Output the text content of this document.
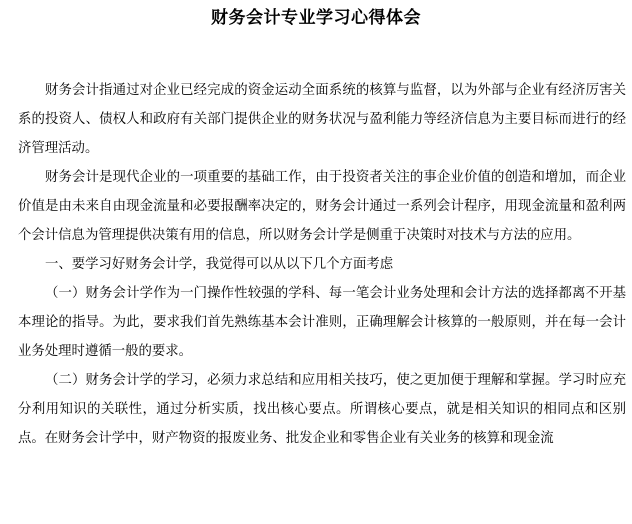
财务会计专业学习心得体会

财务会计指通过对企业已经完成的资金运动全面系统的核算与监督，以为外部与企业有经济厉害关系的投资人、债权人和政府有关部门提供企业的财务状况与盈利能力等经济信息为主要目标而进行的经济管理活动。

财务会计是现代企业的一项重要的基础工作，由于投资者关注的事企业价值的创造和增加，而企业价值是由未来自由现金流量和必要报酬率决定的，财务会计通过一系列会计程序，用现金流量和盈利两个会计信息为管理提供决策有用的信息，所以财务会计学是侧重于决策时对技术与方法的应用。

一、要学习好财务会计学，我觉得可以从以下几个方面考虑

（一）财务会计学作为一门操作性较强的学科、每一笔会计业务处理和会计方法的选择都离不开基本理论的指导。为此，要求我们首先熟练基本会计准则，正确理解会计核算的一般原则，并在每一会计业务处理时遵循一般的要求。

（二）财务会计学的学习，必须力求总结和应用相关技巧，使之更加便于理解和掌握。学习时应充分利用知识的关联性，通过分析实质，找出核心要点。所谓核心要点，就是相关知识的相同点和区别点。在财务会计学中，财产物资的报废业务、批发企业和零售企业有关业务的核算和现金流
